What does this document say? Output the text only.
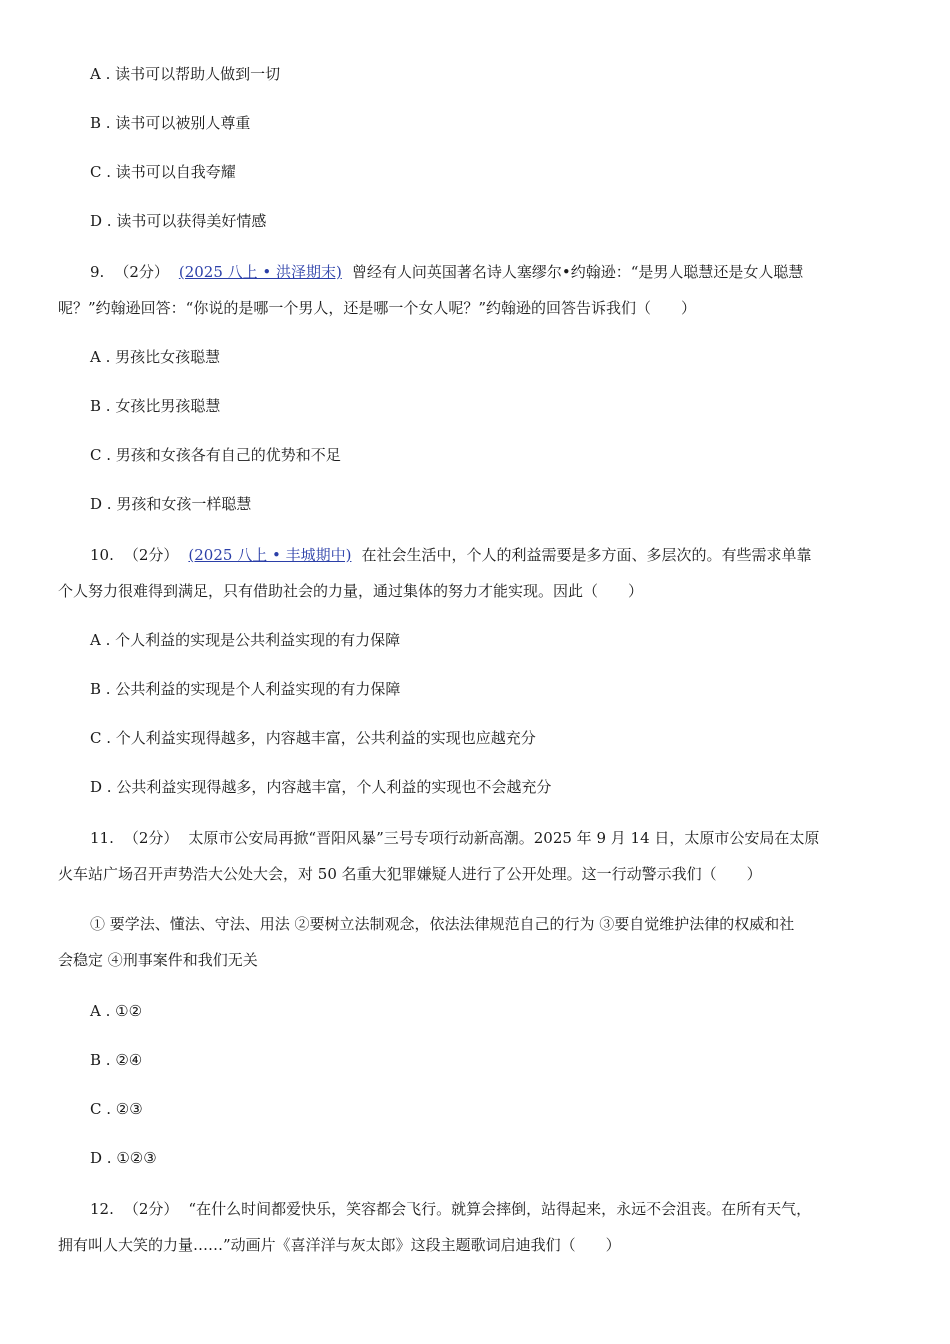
A . 读书可以帮助人做到一切
B . 读书可以被别人尊重
C . 读书可以自我夸耀
D . 读书可以获得美好情感
9. （2分） (2025 八上 • 洪泽期末) 曾经有人问英国著名诗人塞缪尔•约翰逊：“是男人聪慧还是女人聪慧
呢？”约翰逊回答：“你说的是哪一个男人，还是哪一个女人呢？”约翰逊的回答告诉我们（　　）
A . 男孩比女孩聪慧
B . 女孩比男孩聪慧
C . 男孩和女孩各有自己的优势和不足
D . 男孩和女孩一样聪慧
10. （2分） (2025 八上 • 丰城期中) 在社会生活中，个人的利益需要是多方面、多层次的。有些需求单靠
个人努力很难得到满足，只有借助社会的力量，通过集体的努力才能实现。因此（　　）
A . 个人利益的实现是公共利益实现的有力保障
B . 公共利益的实现是个人利益实现的有力保障
C . 个人利益实现得越多，内容越丰富，公共利益的实现也应越充分
D . 公共利益实现得越多，内容越丰富，个人利益的实现也不会越充分
11. （2分） 太原市公安局再掀“晋阳风暴”三号专项行动新高潮。2025 年 9 月 14 日，太原市公安局在太原
火车站广场召开声势浩大公处大会，对 50 名重大犯罪嫌疑人进行了公开处理。这一行动警示我们（　　）
① 要学法、懂法、守法、用法 ②要树立法制观念，依法法律规范自己的行为 ③要自觉维护法律的权威和社
会稳定 ④刑事案件和我们无关
A . ①②
B . ②④
C . ②③
D . ①②③
12. （2分） “在什么时间都爱快乐，笑容都会飞行。就算会摔倒，站得起来，永远不会沮丧。在所有天气，
拥有叫人大笑的力量……”动画片《喜洋洋与灰太郎》这段主题歌词启迪我们（　　）
